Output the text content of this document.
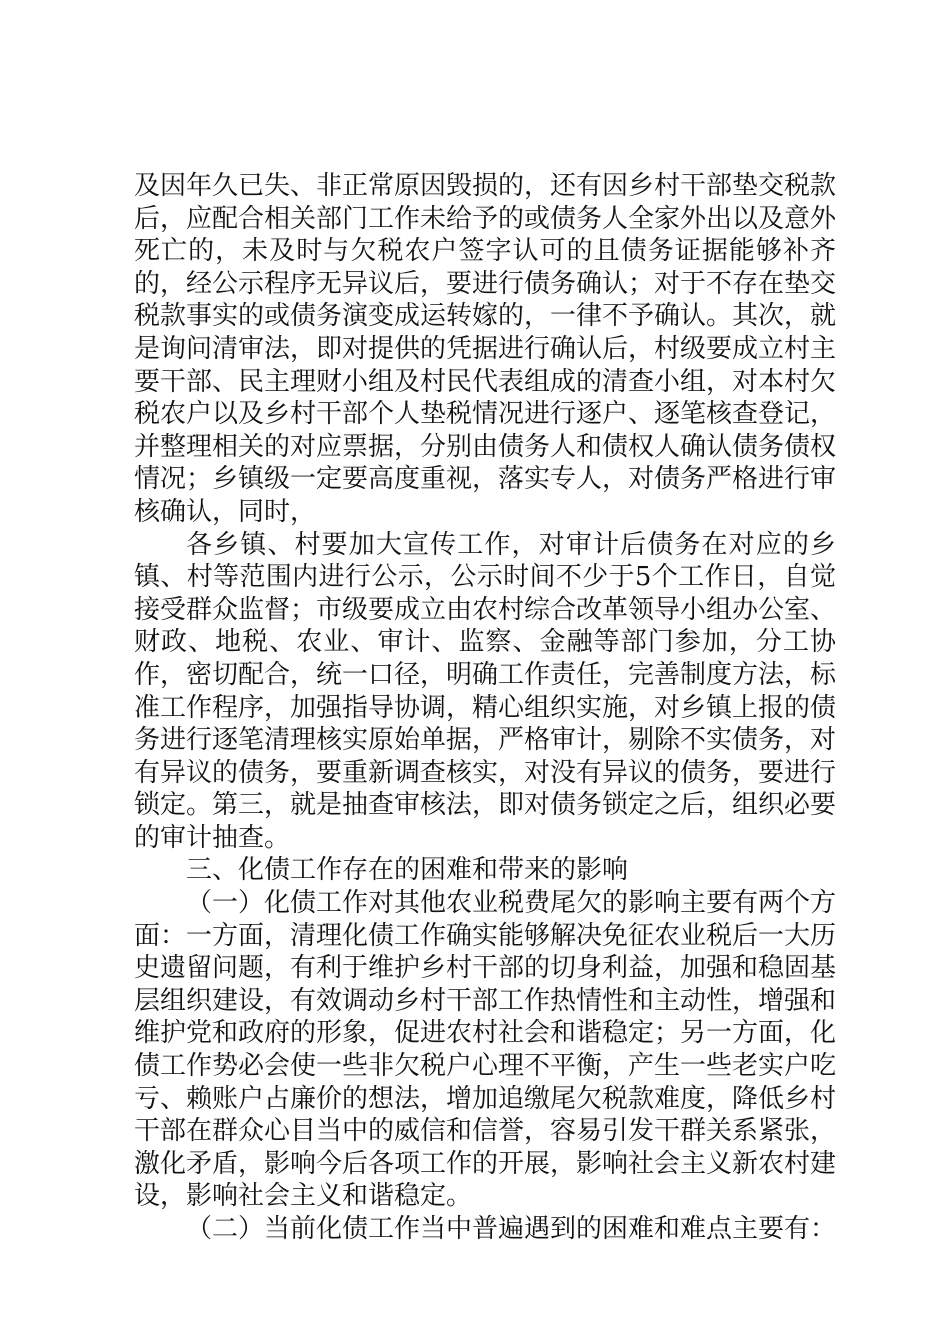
及因年久已失、非正常原因毁损的，还有因乡村干部垫交税款后，应配合相关部门工作未给予的或债务人全家外出以及意外死亡的，未及时与欠税农户签字认可的且债务证据能够补齐的，经公示程序无异议后，要进行债务确认；对于不存在垫交税款事实的或债务演变成运转嫁的，一律不予确认。其次，就是询问清审法，即对提供的凭据进行确认后，村级要成立村主要干部、民主理财小组及村民代表组成的清查小组，对本村欠税农户以及乡村干部个人垫税情况进行逐户、逐笔核查登记，并整理相关的对应票据，分别由债务人和债权人确认债务债权情况；乡镇级一定要高度重视，落实专人，对债务严格进行审核确认，同时，

各乡镇、村要加大宣传工作，对审计后债务在对应的乡镇、村等范围内进行公示，公示时间不少于5个工作日，自觉接受群众监督；市级要成立由农村综合改革领导小组办公室、财政、地税、农业、审计、监察、金融等部门参加，分工协作，密切配合，统一口径，明确工作责任，完善制度方法，标准工作程序，加强指导协调，精心组织实施，对乡镇上报的债务进行逐笔清理核实原始单据，严格审计，剔除不实债务，对有异议的债务，要重新调查核实，对没有异议的债务，要进行锁定。第三，就是抽查审核法，即对债务锁定之后，组织必要的审计抽查。

三、化债工作存在的困难和带来的影响

（一）化债工作对其他农业税费尾欠的影响主要有两个方面：一方面，清理化债工作确实能够解决免征农业税后一大历史遗留问题，有利于维护乡村干部的切身利益，加强和稳固基层组织建设，有效调动乡村干部工作热情性和主动性，增强和维护党和政府的形象，促进农村社会和谐稳定；另一方面，化债工作势必会使一些非欠税户心理不平衡，产生一些老实户吃亏、赖账户占廉价的想法，增加追缴尾欠税款难度，降低乡村干部在群众心目当中的威信和信誉，容易引发干群关系紧张，激化矛盾，影响今后各项工作的开展，影响社会主义新农村建设，影响社会主义和谐稳定。

（二）当前化债工作当中普遍遇到的困难和难点主要有：
